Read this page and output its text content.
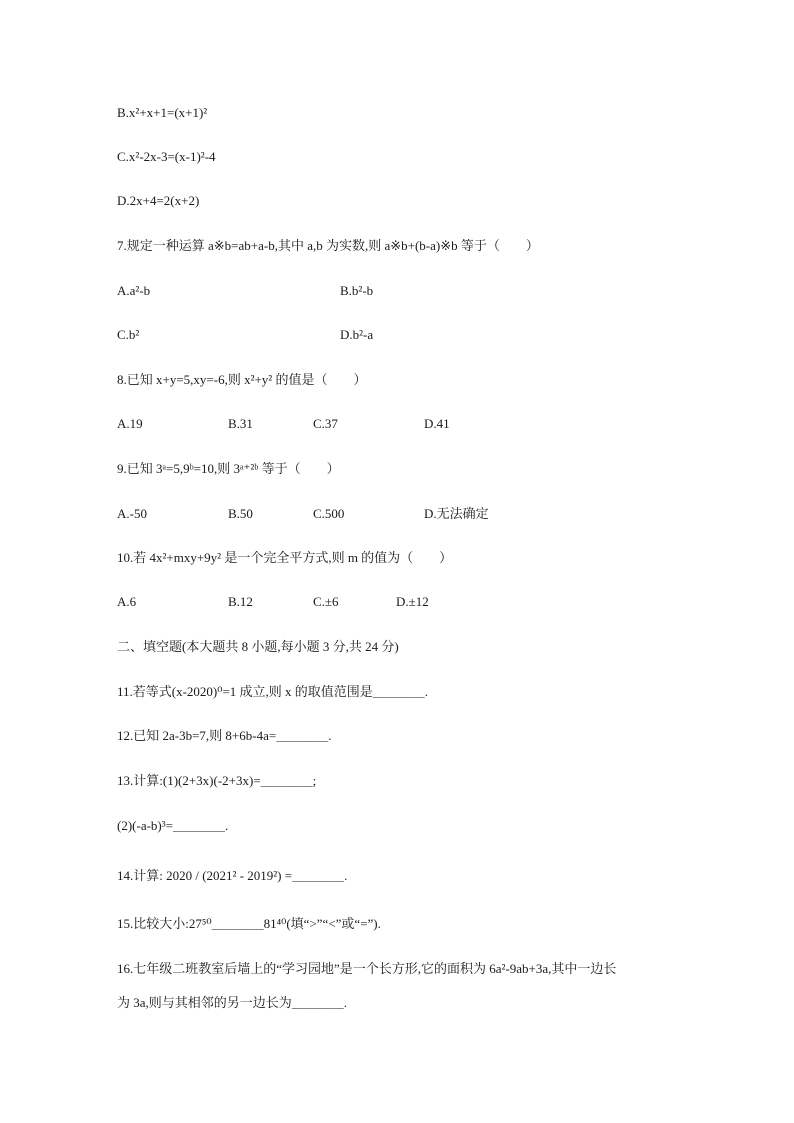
B.x²+x+1=(x+1)²
C.x²-2x-3=(x-1)²-4
D.2x+4=2(x+2)
7.规定一种运算 a※b=ab+a-b,其中 a,b 为实数,则 a※b+(b-a)※b 等于（　　）
A.a²-b	B.b²-b
C.b²	D.b²-a
8.已知 x+y=5,xy=-6,则 x²+y² 的值是（　　）
A.19	B.31	C.37	D.41
9.已知 3ᵃ=5,9ᵇ=10,则 3ᵃ⁺²ᵇ 等于（　　）
A.-50	B.50	C.500	D.无法确定
10.若 4x²+mxy+9y² 是一个完全平方式,则 m 的值为（　　）
A.6	B.12	C.±6	D.±12
二、填空题(本大题共 8 小题,每小题 3 分,共 24 分)
11.若等式(x-2020)⁰=1 成立,则 x 的取值范围是＿＿＿＿.
12.已知 2a-3b=7,则 8+6b-4a=＿＿＿＿.
13.计算:(1)(2+3x)(-2+3x)=＿＿＿＿;
(2)(-a-b)³=＿＿＿＿.
14.计算: 2020 / (2021² - 2019²) =＿＿＿＿.
15.比较大小:27⁵⁰＿＿＿＿81⁴⁰(填“>”“<”或“=”).
16.七年级二班教室后墙上的“学习园地”是一个长方形,它的面积为 6a²-9ab+3a,其中一边长
为 3a,则与其相邻的另一边长为＿＿＿＿.
